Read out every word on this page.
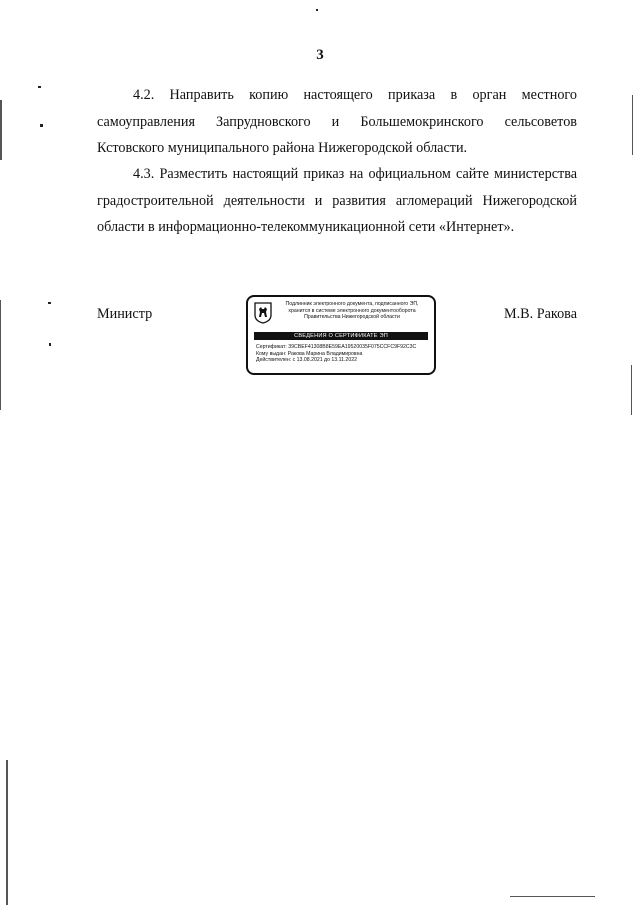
3
4.2. Направить копию настоящего приказа в орган местного
самоуправления Запрудновского и Большемокринского сельсоветов
Кстовского муниципального района Нижегородской области.
4.3. Разместить настоящий приказ на официальном сайте министерства
градостроительной деятельности и развития агломераций Нижегородской
области в информационно-телекоммуникационной сети «Интернет».
Министр
Подлинник электронного документа, подписанного ЭП,
хранится в системе электронного документооборота
Правительства Нижегородской области
СВЕДЕНИЯ О СЕРТИФИКАТЕ ЭП
Сертификат: 39CBEF41308B8E59EA19520035F075CCFC9F92C3C
Кому выдан: Ракова Марина Владимировна
Действителен: с 13.08.2021 до 13.11.2022
М.В. Ракова
